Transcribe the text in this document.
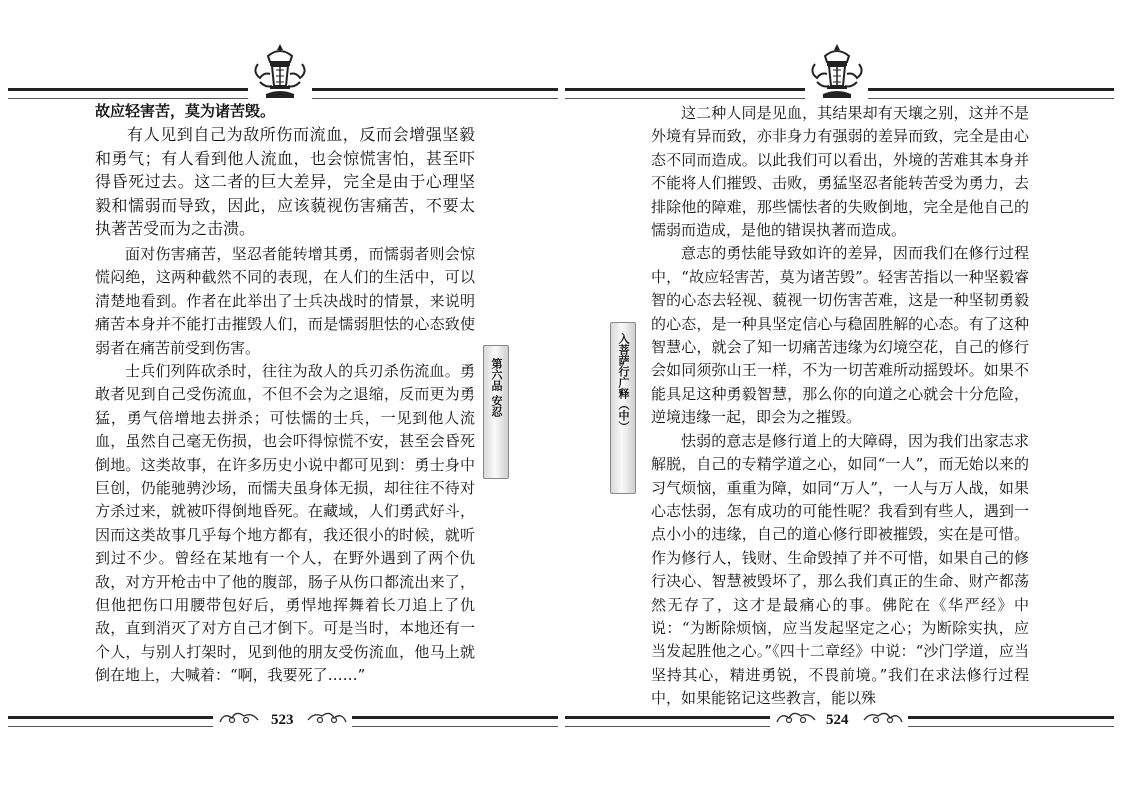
故应轻害苦，莫为诸苦毁。

有人见到自己为敌所伤而流血，反而会增强坚毅和勇气；有人看到他人流血，也会惊慌害怕，甚至吓得昏死过去。这二者的巨大差异，完全是由于心理坚毅和懦弱而导致，因此，应该藐视伤害痛苦，不要太执著苦受而为之击溃。

面对伤害痛苦，坚忍者能转增其勇，而懦弱者则会惊慌闷绝，这两种截然不同的表现，在人们的生活中，可以清楚地看到。作者在此举出了士兵决战时的情景，来说明痛苦本身并不能打击摧毁人们，而是懦弱胆怯的心态致使弱者在痛苦前受到伤害。

士兵们列阵砍杀时，往往为敌人的兵刃杀伤流血。勇敢者见到自己受伤流血，不但不会为之退缩，反而更为勇猛，勇气倍增地去拼杀；可怯懦的士兵，一见到他人流血，虽然自己毫无伤损，也会吓得惊慌不安，甚至会昏死倒地。这类故事，在许多历史小说中都可见到：勇士身中巨创，仍能驰骋沙场，而懦夫虽身体无损，却往往不待对方杀过来，就被吓得倒地昏死。在藏域，人们勇武好斗，因而这类故事几乎每个地方都有，我还很小的时候，就听到过不少。曾经在某地有一个人，在野外遇到了两个仇敌，对方开枪击中了他的腹部，肠子从伤口都流出来了，但他把伤口用腰带包好后，勇悍地挥舞着长刀追上了仇敌，直到消灭了对方自己才倒下。可是当时，本地还有一个人，与别人打架时，见到他的朋友受伤流血，他马上就倒在地上，大喊着：“啊，我要死了……”

第六品 安忍
523
入菩萨行广释（中）

这二种人同是见血，其结果却有天壤之别，这并不是外境有异而致，亦非身力有强弱的差异而致，完全是由心态不同而造成。以此我们可以看出，外境的苦难其本身并不能将人们摧毁、击败，勇猛坚忍者能转苦受为勇力，去排除他的障难，那些懦怯者的失败倒地，完全是他自己的懦弱而造成，是他的错误执著而造成。

意志的勇怯能导致如许的差异，因而我们在修行过程中，“故应轻害苦，莫为诸苦毁”。轻害苦指以一种坚毅睿智的心态去轻视、藐视一切伤害苦难，这是一种坚韧勇毅的心态，是一种具坚定信心与稳固胜解的心态。有了这种智慧心，就会了知一切痛苦违缘为幻境空花，自己的修行会如同须弥山王一样，不为一切苦难所动摇毁坏。如果不能具足这种勇毅智慧，那么你的向道之心就会十分危险，逆境违缘一起，即会为之摧毁。

怯弱的意志是修行道上的大障碍，因为我们出家志求解脱，自己的专精学道之心，如同“一人”，而无始以来的习气烦恼，重重为障，如同“万人”，一人与万人战，如果心志怯弱，怎有成功的可能性呢？我看到有些人，遇到一点小小的违缘，自己的道心修行即被摧毁，实在是可惜。作为修行人，钱财、生命毁掉了并不可惜，如果自己的修行决心、智慧被毁坏了，那么我们真正的生命、财产都荡然无存了，这才是最痛心的事。佛陀在《华严经》中说：“为断除烦恼，应当发起坚定之心；为断除实执，应当发起胜他之心。”《四十二章经》中说：“沙门学道，应当坚持其心，精进勇锐，不畏前境。”我们在求法修行过程中，如果能铭记这些教言，能以殊

524
